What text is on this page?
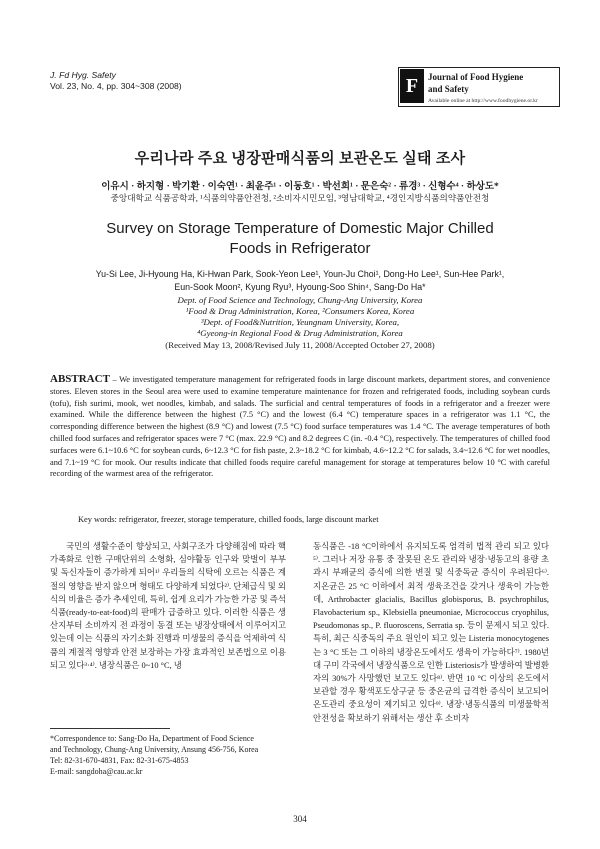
J. Fd Hyg. Safety
Vol. 23, No. 4, pp. 304~308 (2008)	F	Journal of Food Hygiene
and Safety
Available online at http://www.foodhygiene.or.kr
우리나라 주요 냉장판매식품의 보관온도 실태 조사
이유시 · 하지형 · 박기환 · 이숙연¹ · 최윤주¹ · 이동호¹ · 박선희¹ · 문은숙² · 류경³ · 신형수⁴ · 하상도*
중앙대학교 식품공학과, ¹식품의약품안전청, ²소비자시민모임, ³영남대학교, ⁴경인지방식품의약품안전청
Survey on Storage Temperature of Domestic Major Chilled
Foods in Refrigerator
Yu-Si Lee, Ji-Hyoung Ha, Ki-Hwan Park, Sook-Yeon Lee¹, Youn-Ju Choi¹, Dong-Ho Lee¹, Sun-Hee Park¹,
Eun-Sook Moon², Kyung Ryu³, Hyoung-Soo Shin⁴, Sang-Do Ha*
Dept. of Food Science and Technology, Chung-Ang University, Korea
¹Food & Drug Administration, Korea, ²Consumers Korea, Korea
³Dept. of Food&Nutrition, Yeungnam University, Korea,
⁴Gyeong-in Regional Food & Drug Administration, Korea
(Received May 13, 2008/Revised July 11, 2008/Accepted October 27, 2008)
ABSTRACT – We investigated temperature management for refrigerated foods in large discount markets, department stores, and convenience stores. Eleven stores in the Seoul area were used to examine temperature maintenance for frozen and refrigerated foods, including soybean curds (tofu), fish surimi, mook, wet noodles, kimbab, and salads. The surficial and central temperatures of foods in a refrigerator and a freezer were examined. While the difference between the highest (7.5 °C) and the lowest (6.4 °C) temperature spaces in a refrigerator was 1.1 °C, the corresponding difference between the highest (8.9 °C) and lowest (7.5 °C) food surface temperatures was 1.4 °C. The average temperatures of both chilled food surfaces and refrigerator spaces were 7 °C (max. 22.9 °C) and 8.2 degrees C (in. -0.4 °C), respectively. The temperatures of chilled food surfaces were 6.1~10.6 °C for soybean curds, 6~12.3 °C for fish paste, 2.3~18.2 °C for kimbab, 4.6~12.2 °C for salads, 3.4~12.6 °C for wet noodles, and 7.1~19 °C for mook. Our results indicate that chilled foods require careful management for storage at temperatures below 10 °C with careful recording of the warmest area of the refrigerator.
Key words: refrigerator, freezer, storage temperature, chilled foods, large discount market
국민의 생활수준이 향상되고, 사회구조가 다양해짐에 따라 핵가족화로 인한 구매단위의 소형화, 심야활동 인구와 맞벌이 부부 및 독신자들이 증가하게 되어¹⁾ 우리들의 식탁에 오르는 식품은 계절의 영향을 받지 않으며 형태도 다양하게 되었다²⁾. 단체급식 및 외식의 비율은 증가 추세인데, 특히, 쉽게 요리가 가능한 가공 및 즉석식품(ready-to-eat-food)의 판매가 급증하고 있다. 이러한 식품은 생산지부터 소비까지 전 과정이 동결 또는 냉장상태에서 이루어지고 있는데 이는 식품의 자기소화 진행과 미생물의 증식을 억제하여 식품의 계절적 영향과 안전 보장하는 가장 효과적인 보존법으로 이용되고 있다³·⁴⁾. 냉장식품은 0~10 °C, 냉
동식품은 -18 °C이하에서 유지되도록 엄격히 법적 관리 되고 있다⁵⁾. 그러나 저장 유통 중 잘못된 온도 관리와 냉장·냉동고의 용량 초과시 부패균의 증식에 의한 변질 및 식중독균 증식이 우려된다⁶⁾. 지온균은 25 °C 이하에서 최적 생육조건을 갖거나 생육이 가능한데, Arthrobacter glacialis, Bacillus globisporus, B. psychrophilus, Flavobacterium sp., Klebsiella pneumoniae, Micrococcus cryophilus, Pseudomonas sp., P. fluoroscens, Serratia sp. 등이 문제시 되고 있다. 특히, 최근 식중독의 주요 원인이 되고 있는 Listeria monocytogenes는 3 °C 또는 그 이하의 냉장온도에서도 생육이 가능하다⁷⁾. 1980년대 구미 각국에서 냉장식품으로 인한 Listeriosis가 발생하여 발병환자의 30%가 사망했던 보고도 있다⁸⁾. 반면 10 °C 이상의 온도에서 보관할 경우 황색포도상구균 등 중온균의 급격한 증식이 보고되어 온도관리 중요성이 제기되고 있다⁹⁾. 냉장·냉동식품의 미생물학적 안전성을 확보하기 위해서는 생산 후 소비자
*Correspondence to: Sang-Do Ha, Department of Food Science
and Technology, Chung-Ang University, Ansung 456-756, Korea
Tel: 82-31-670-4831, Fax: 82-31-675-4853
E-mail: sangdoha@cau.ac.kr
304
